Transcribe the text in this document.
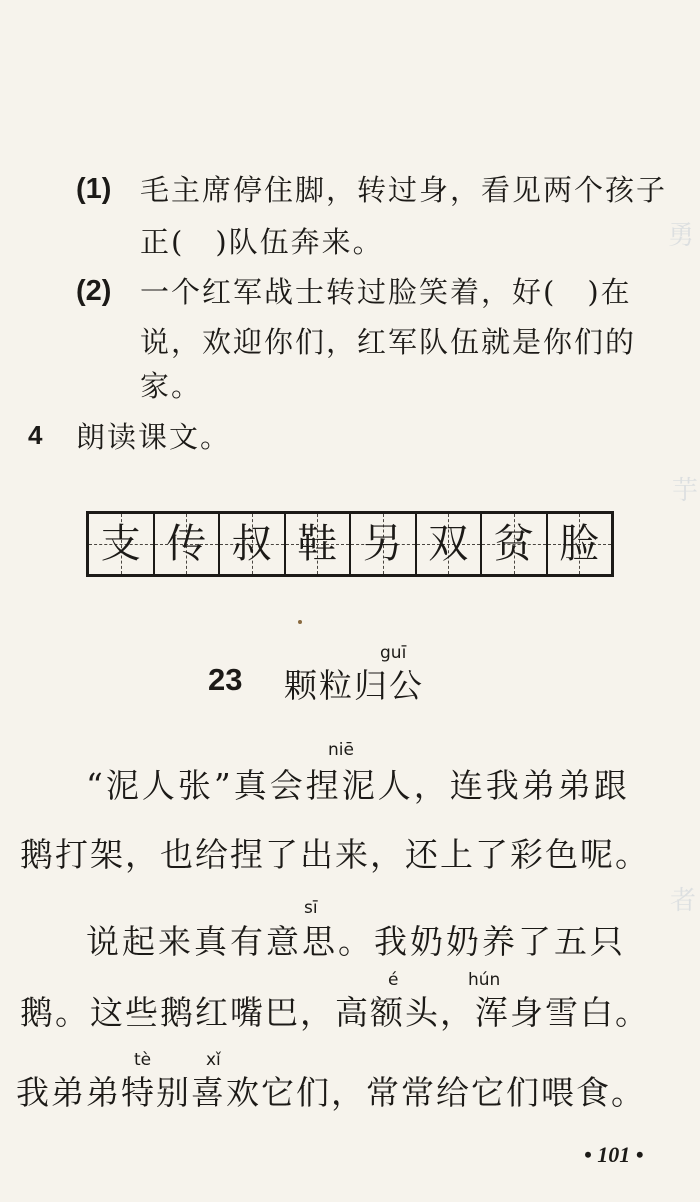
勇
芋
者
(1) 毛主席停住脚，转过身，看见两个孩子
正(　)队伍奔来。
(2) 一个红军战士转过脸笑着，好(　)在
说，欢迎你们，红军队伍就是你们的
家。
4 朗读课文。
支 传 叔 鞋 另 双 贫 脸
guī
23 颗粒归公
niē
“泥人张”真会捏泥人，连我弟弟跟
鹅打架，也给捏了出来，还上了彩色呢。
sī
说起来真有意思。我奶奶养了五只
é	hún
鹅。这些鹅红嘴巴，高额头，浑身雪白。
tè	xǐ
我弟弟特别喜欢它们，常常给它们喂食。
• 101 •
